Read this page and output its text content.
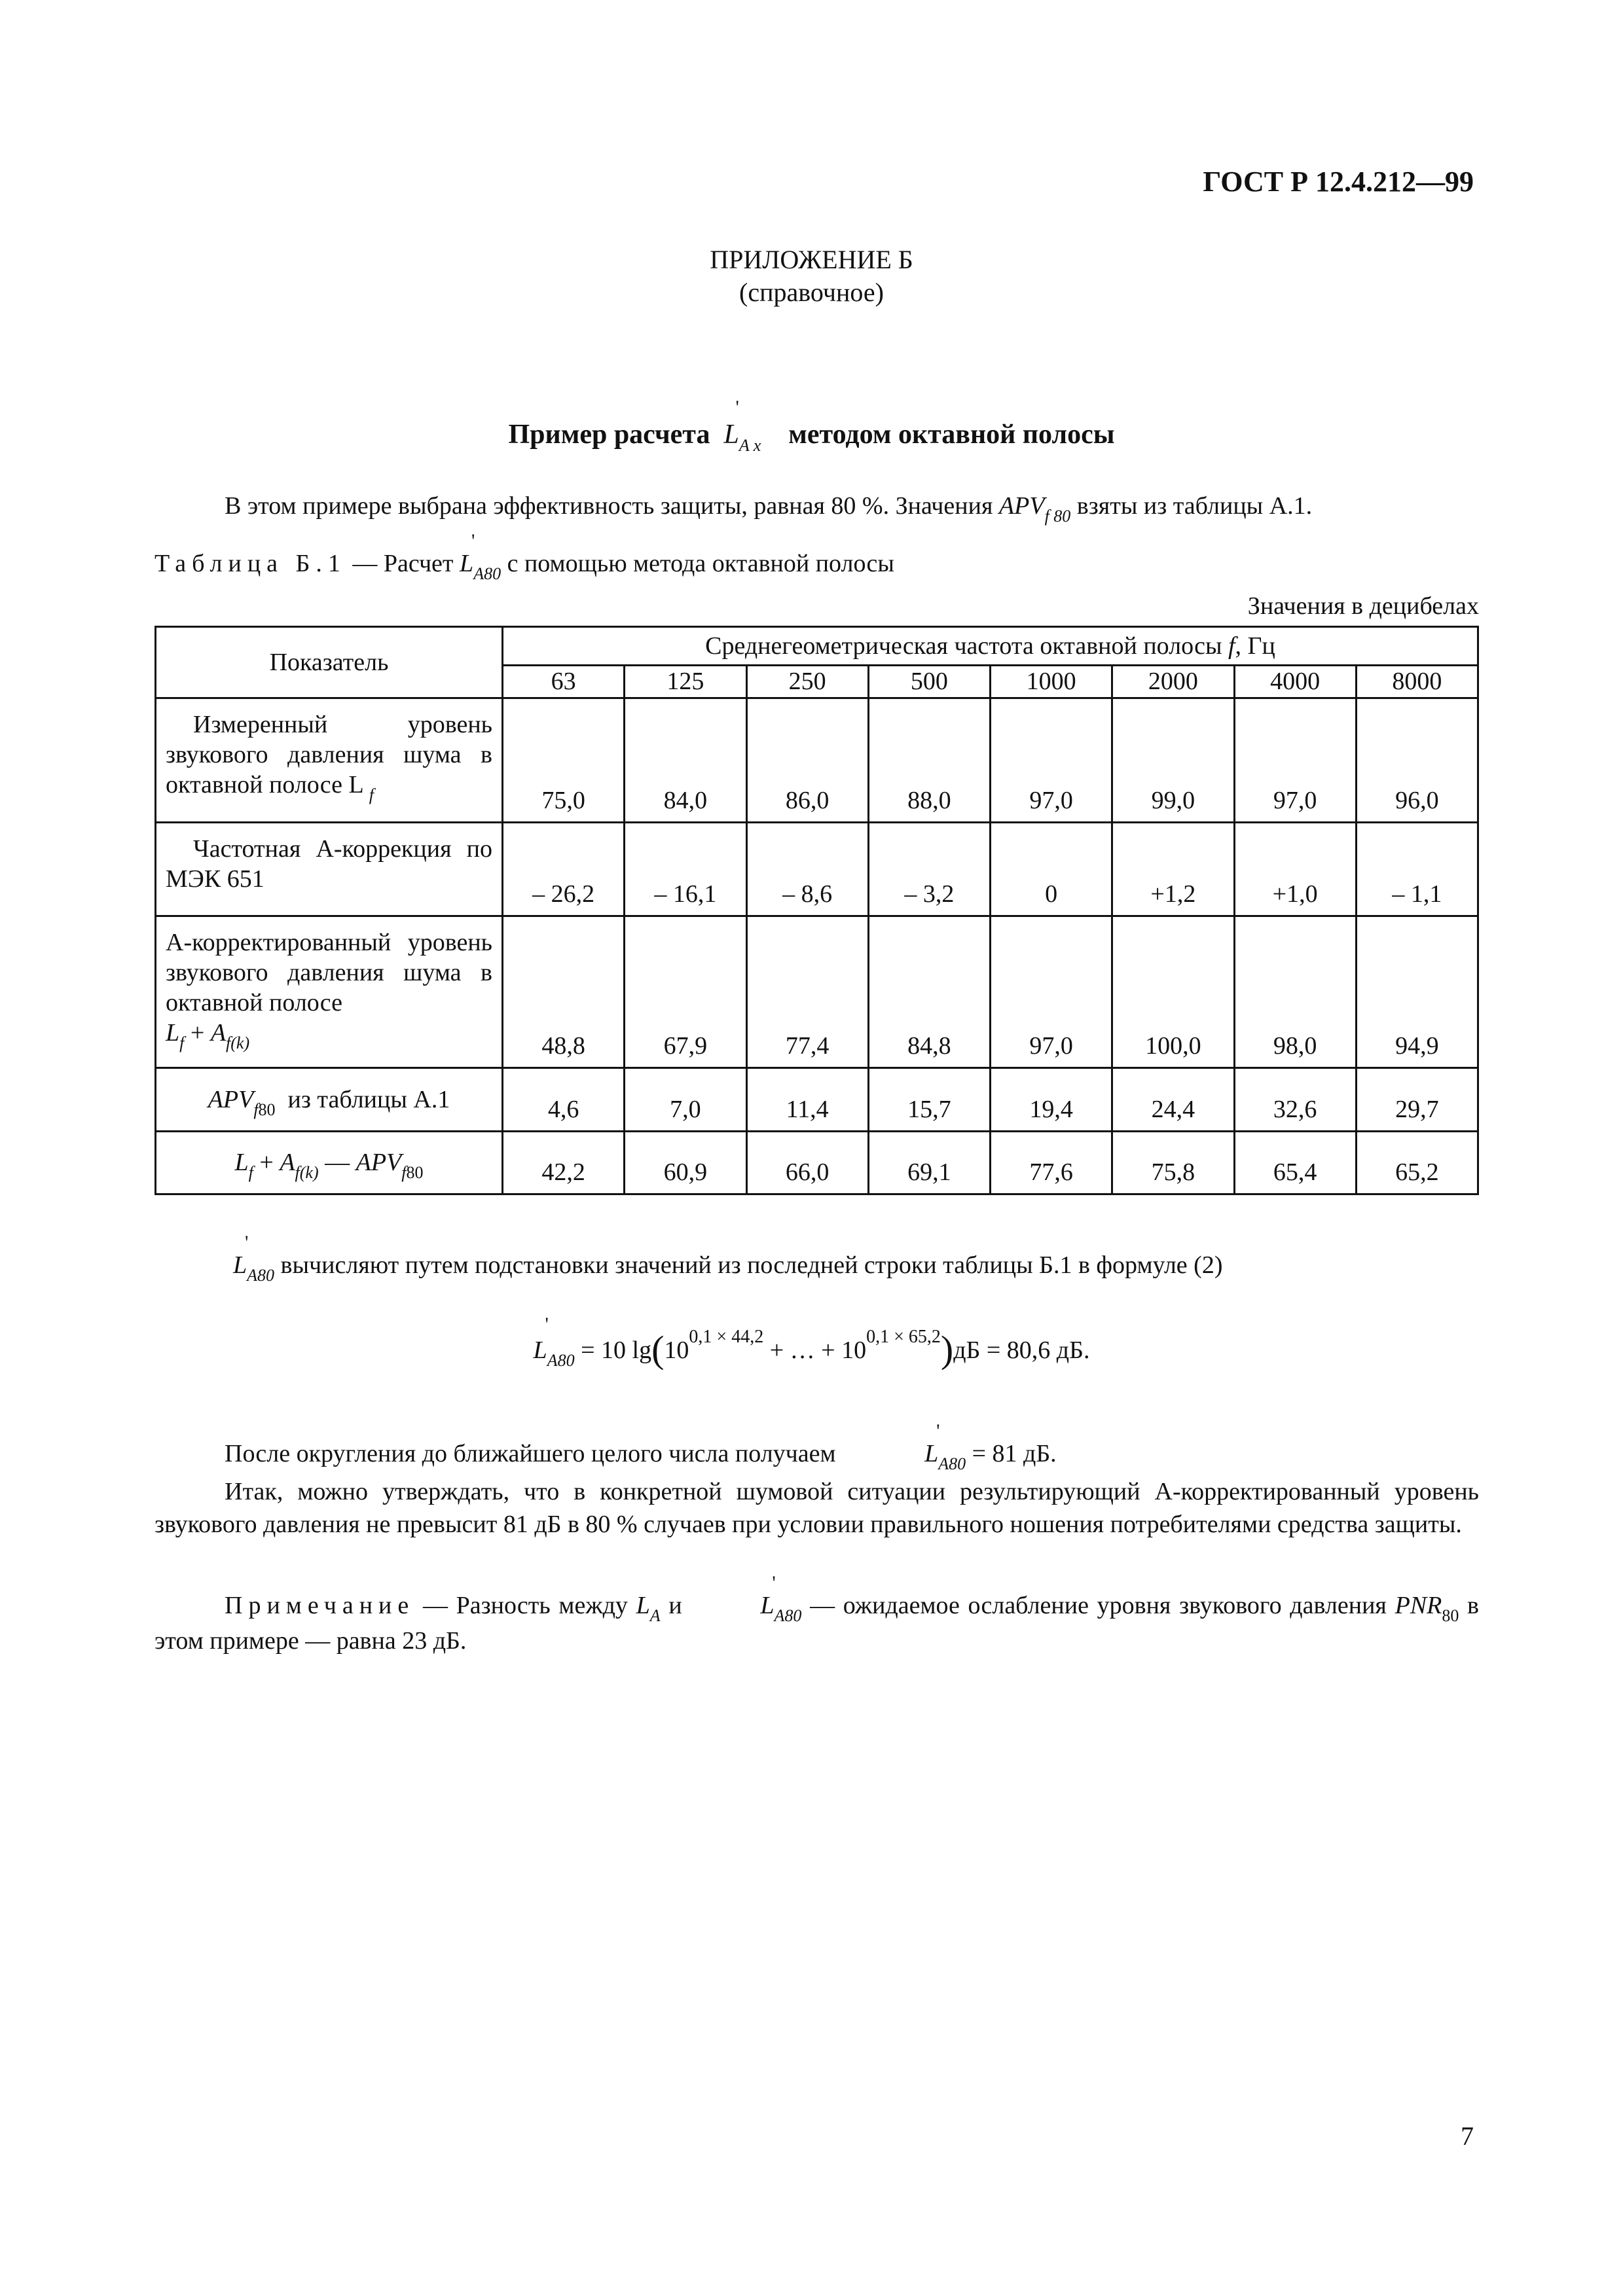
ГОСТ Р 12.4.212—99
ПРИЛОЖЕНИЕ Б
(справочное)
Пример расчета L
'
$_{A x}$ методом октавной полосы
В этом примере выбрана эффективность защиты, равная 80 %. Значения $APV_{f 80}$ взяты из таблицы А.1.
Таблица Б.1 — Расчет L
'
$_{A80}$ с помощью метода октавной полосы
Значения в децибелах
Показатель	Среднегеометрическая частота октавной полосы f, Гц							
	63	125	250	500	1000	2000	4000	8000
Измеренный уровень звукового давления шума в октавной полосе L $_f$	75,0	84,0	86,0	88,0	97,0	99,0	97,0	96,0
Частотная A-коррекция по МЭК 651	– 26,2	– 16,1	– 8,6	– 3,2	0	+1,2	+1,0	– 1,1
A-корректированный уровень звукового давления шума в октавной полосе
$L_f + A_{f(k)}$	48,8	67,9	77,4	84,8	97,0	100,0	98,0	94,9
$APV_{f80}$  из таблицы А.1	4,6	7,0	11,4	15,7	19,4	24,4	32,6	29,7
$L_f + A_{f(k)}$ — $APV_{f80}$	42,2	60,9	66,0	69,1	77,6	75,8	65,4	65,2
L
'
$_{A80}$ вычисляют путем подстановки значений из последней строки таблицы Б.1 в формуле (2)
L
'
$_{A80}$ = 10 $\lg(10^{0,1 \times 44,2}$ + … + $10^{0,1 \times 65,2})дБ = 80,6$ дБ.
После округления до ближайшего целого числа получаем	L
'
$_{A80}$ = 81 дБ.
Итак, можно утверждать, что в конкретной шумовой ситуации результирующий A-корректированный уровень звукового давления не превысит 81 дБ в 80 % случаев при условии правильного ношения потребителями средства защиты.
Примечание — Разность между $L_A$ и	L
'
$_{A80}$ — ожидаемое ослабление уровня звукового давления $PNR_{80}$ в этом примере — равна 23 дБ.
7
